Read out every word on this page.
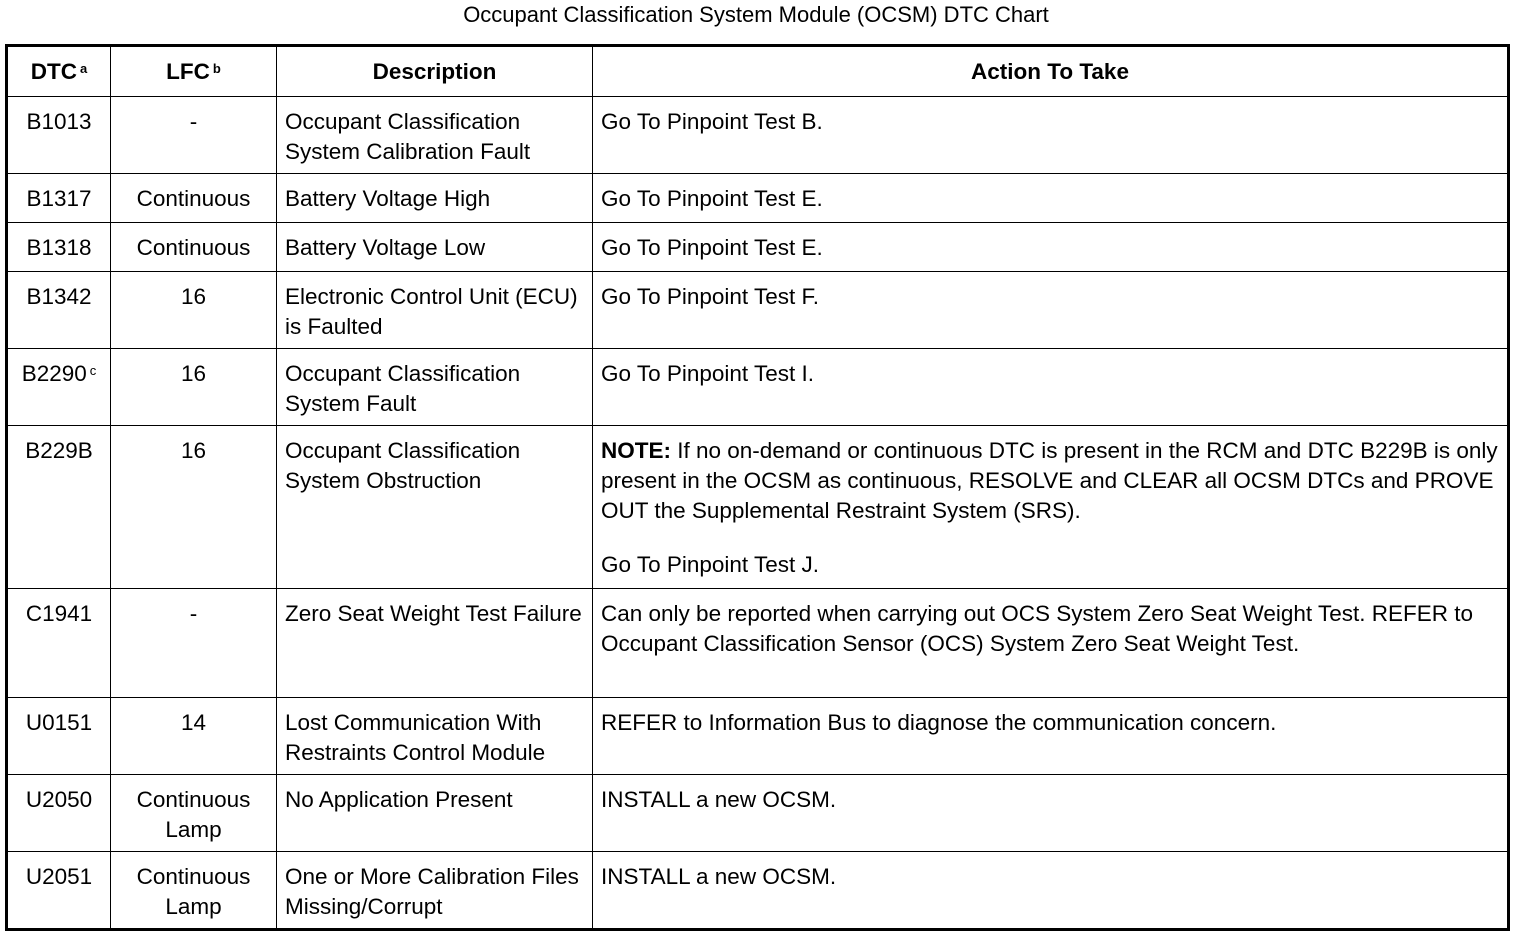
Occupant Classification System Module (OCSM) DTC Chart
DTC $^a$	LFC $^b$	Description	Action To Take
B1013	-	Occupant Classification System Calibration Fault	Go To Pinpoint Test B.
B1317	Continuous	Battery Voltage High	Go To Pinpoint Test E.
B1318	Continuous	Battery Voltage Low	Go To Pinpoint Test E.
B1342	16	Electronic Control Unit (ECU) is Faulted	Go To Pinpoint Test F.
B2290 $^c$	16	Occupant Classification System Fault	Go To Pinpoint Test I.
B229B	16	Occupant Classification System Obstruction	NOTE: If no on-demand or continuous DTC is present in the RCM and DTC B229B is only present in the OCSM as continuous, RESOLVE and CLEAR all OCSM DTCs and PROVE OUT the Supplemental Restraint System (SRS).
Go To Pinpoint Test J.

C1941	-	Zero Seat Weight Test Failure	Can only be reported when carrying out OCS System Zero Seat Weight Test. REFER to Occupant Classification Sensor (OCS) System Zero Seat Weight Test.
U0151	14	Lost Communication With Restraints Control Module	REFER to Information Bus to diagnose the communication concern.
U2050	Continuous Lamp	No Application Present	INSTALL a new OCSM.
U2051	Continuous Lamp	One or More Calibration Files Missing/Corrupt	INSTALL a new OCSM.
